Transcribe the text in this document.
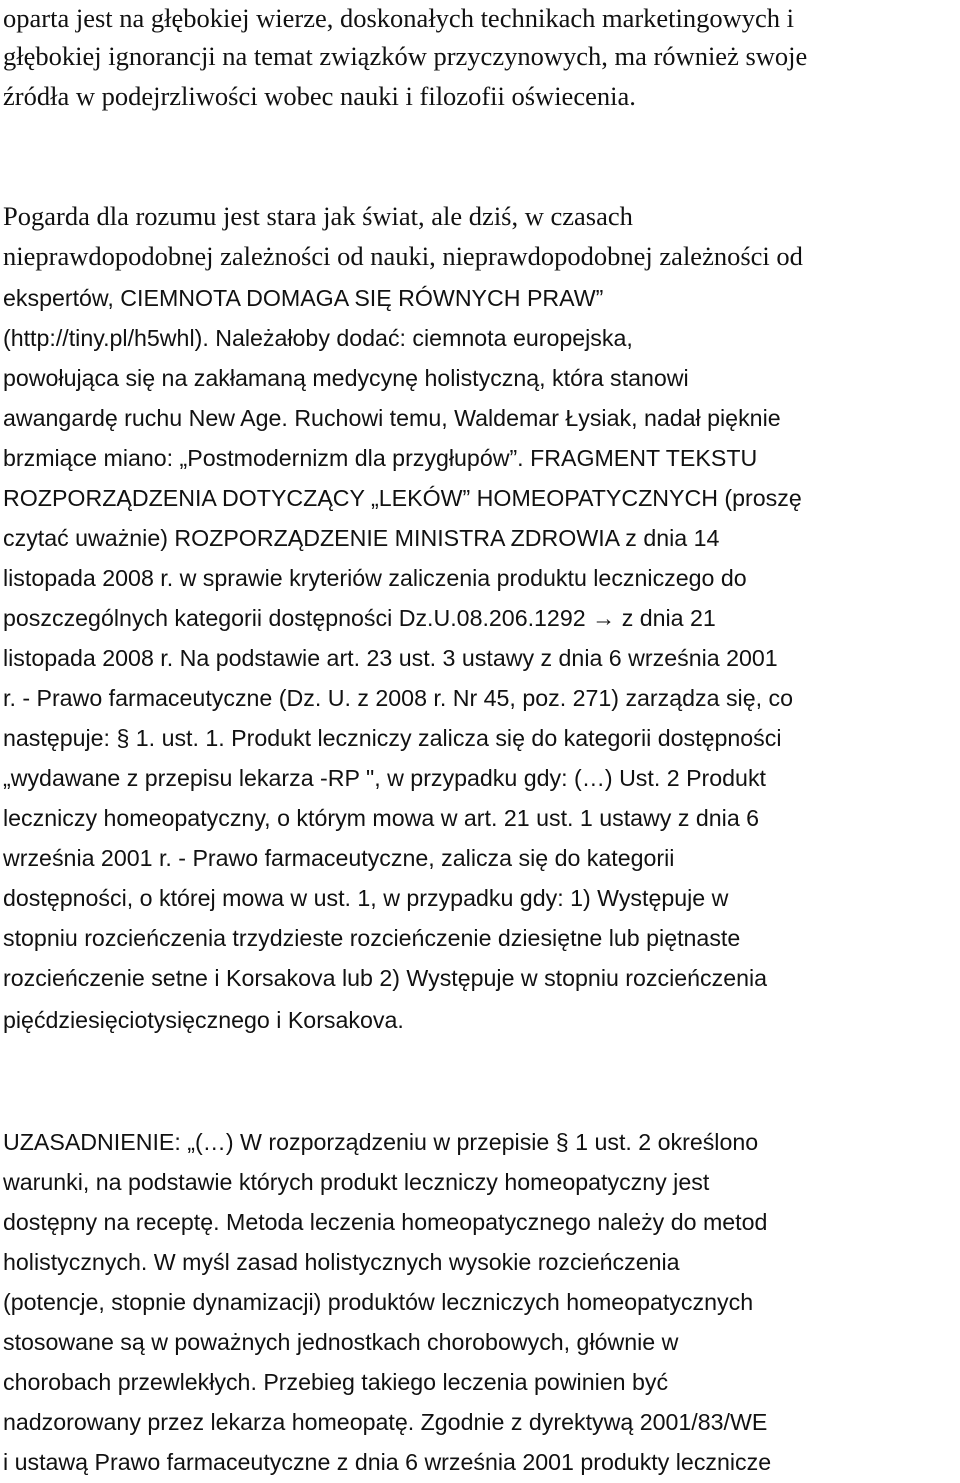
oparta jest na głębokiej wierze, doskonałych technikach marketingowych i
głębokiej ignorancji na temat związków przyczynowych, ma również swoje
źródła w podejrzliwości wobec nauki i filozofii oświecenia.
Pogarda dla rozumu jest stara jak świat, ale dziś, w czasach
nieprawdopodobnej zależności od nauki, nieprawdopodobnej zależności od
ekspertów, CIEMNOTA DOMAGA SIĘ RÓWNYCH PRAW”
(http://tiny.pl/h5whl). Należałoby dodać: ciemnota europejska,
powołująca się na zakłamaną medycynę holistyczną, która stanowi
awangardę ruchu New Age. Ruchowi temu, Waldemar Łysiak, nadał pięknie
brzmiące miano: „Postmodernizm dla przygłupów”. FRAGMENT TEKSTU
ROZPORZĄDZENIA DOTYCZĄCY „LEKÓW” HOMEOPATYCZNYCH (proszę
czytać uważnie) ROZPORZĄDZENIE MINISTRA ZDROWIA z dnia 14
listopada 2008 r. w sprawie kryteriów zaliczenia produktu leczniczego do
poszczególnych kategorii dostępności Dz.U.08.206.1292 → z dnia 21
listopada 2008 r. Na podstawie art. 23 ust. 3 ustawy z dnia 6 września 2001
r. - Prawo farmaceutyczne (Dz. U. z 2008 r. Nr 45, poz. 271) zarządza się, co
następuje: § 1. ust. 1. Produkt leczniczy zalicza się do kategorii dostępności
„wydawane z przepisu lekarza -RP ", w przypadku gdy: (…) Ust. 2 Produkt
leczniczy homeopatyczny, o którym mowa w art. 21 ust. 1 ustawy z dnia 6
września 2001 r. - Prawo farmaceutyczne, zalicza się do kategorii
dostępności, o której mowa w ust. 1, w przypadku gdy: 1) Występuje w
stopniu rozcieńczenia trzydzieste rozcieńczenie dziesiętne lub piętnaste
rozcieńczenie setne i Korsakova lub 2) Występuje w stopniu rozcieńczenia
pięćdziesięciotysięcznego i Korsakova.
UZASADNIENIE: „(…) W rozporządzeniu w przepisie § 1 ust. 2 określono
warunki, na podstawie których produkt leczniczy homeopatyczny jest
dostępny na receptę. Metoda leczenia homeopatycznego należy do metod
holistycznych. W myśl zasad holistycznych wysokie rozcieńczenia
(potencje, stopnie dynamizacji) produktów leczniczych homeopatycznych
stosowane są w poważnych jednostkach chorobowych, głównie w
chorobach przewlekłych. Przebieg takiego leczenia powinien być
nadzorowany przez lekarza homeopatę. Zgodnie z dyrektywą 2001/83/WE
i ustawą Prawo farmaceutyczne z dnia 6 września 2001 produkty lecznicze
